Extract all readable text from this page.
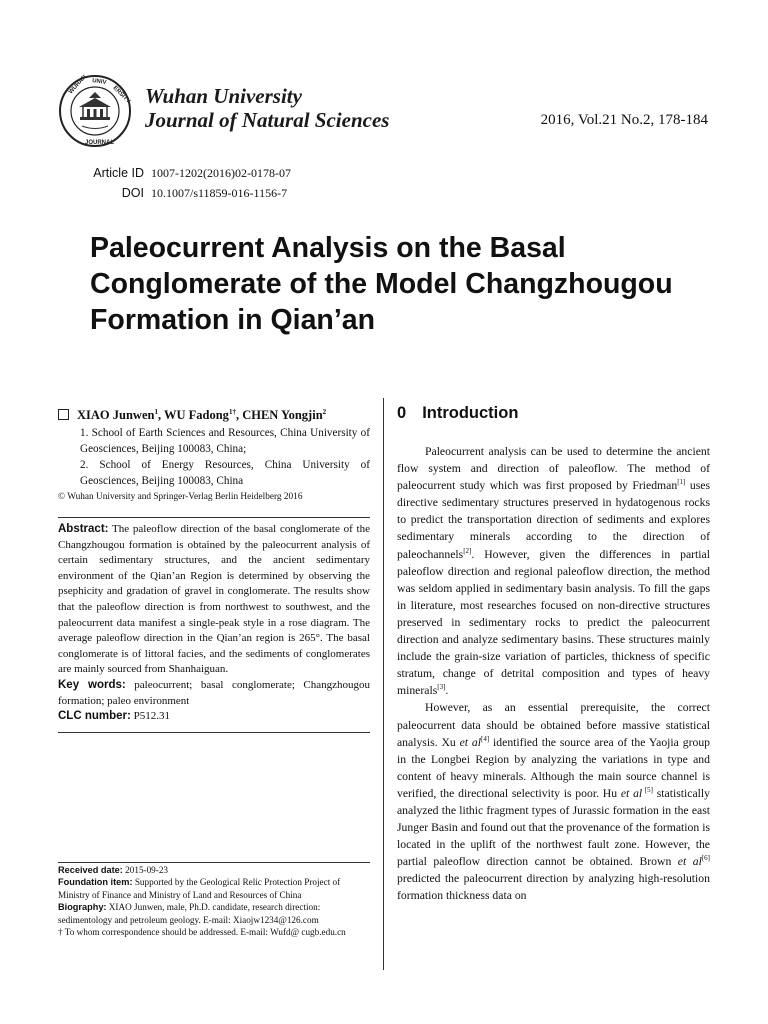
WUHAN UNIV
ERSITY
JOURNAL
Wuhan University
Journal of Natural Sciences	2016, Vol.21 No.2, 178-184
Article ID 1007-1202(2016)02-0178-07
DOI 10.1007/s11859-016-1156-7
Paleocurrent Analysis on the Basal Conglomerate of the Model Changzhougou Formation in Qian’an
XIAO Junwen$^1$, WU Fadong$^{1\dagger}$, CHEN Yongjin$^2$
1. School of Earth Sciences and Resources, China University of Geosciences, Beijing 100083, China;
2. School of Energy Resources, China University of Geosciences, Beijing 100083, China
© Wuhan University and Springer-Verlag Berlin Heidelberg 2016
Abstract: The paleoflow direction of the basal conglomerate of the Changzhougou formation is obtained by the paleocurrent analysis of certain sedimentary structures, and the ancient sedimentary environment of the Qian’an Region is determined by observing the psephicity and gradation of gravel in conglomerate. The results show that the paleoflow direction is from northwest to southwest, and the paleocurrent data manifest a single-peak style in a rose diagram. The average paleoflow direction in the Qian’an region is 265°. The basal conglomerate is of littoral facies, and the sediments of conglomerates are mainly sourced from Shanhaiguan.
Key words: paleocurrent; basal conglomerate; Changzhougou formation; paleo environment
CLC number: P512.31
Received date: 2015-09-23
Foundation item: Supported by the Geological Relic Protection Project of Ministry of Finance and Ministry of Land and Resources of China
Biography: XIAO Junwen, male, Ph.D. candidate, research direction: sedimentology and petroleum geology. E-mail: Xiaojw1234@126.com
† To whom correspondence should be addressed. E-mail: Wufd@ cugb.edu.cn
0 Introduction

Paleocurrent analysis can be used to determine the ancient flow system and direction of paleoflow. The method of paleocurrent study which was first proposed by Friedman[1] uses directive sedimentary structures preserved in hydatogenous rocks to predict the transportation direction of sediments and explores sedimentary minerals according to the direction of paleochannels[2]. However, given the differences in partial paleoflow direction and regional paleoflow direction, the method was seldom applied in sedimentary basin analysis. To fill the gaps in literature, most researches focused on non-directive structures preserved in sedimentary rocks to predict the paleocurrent direction and analyze sedimentary basins. These structures mainly include the grain-size variation of particles, thickness of specific stratum, change of detrital composition and types of heavy minerals[3].

However, as an essential prerequisite, the correct paleocurrent data should be obtained before massive statistical analysis. Xu et al[4] identified the source area of the Yaojia group in the Longbei Region by analyzing the variations in type and content of heavy minerals. Although the main source channel is verified, the directional selectivity is poor. Hu et al [5] statistically analyzed the lithic fragment types of Jurassic formation in the east Junger Basin and found out that the provenance of the formation is located in the uplift of the northwest fault zone. However, the partial paleoflow direction cannot be obtained. Brown et al[6] predicted the paleocurrent direction by analyzing high-resolution formation thickness data on
